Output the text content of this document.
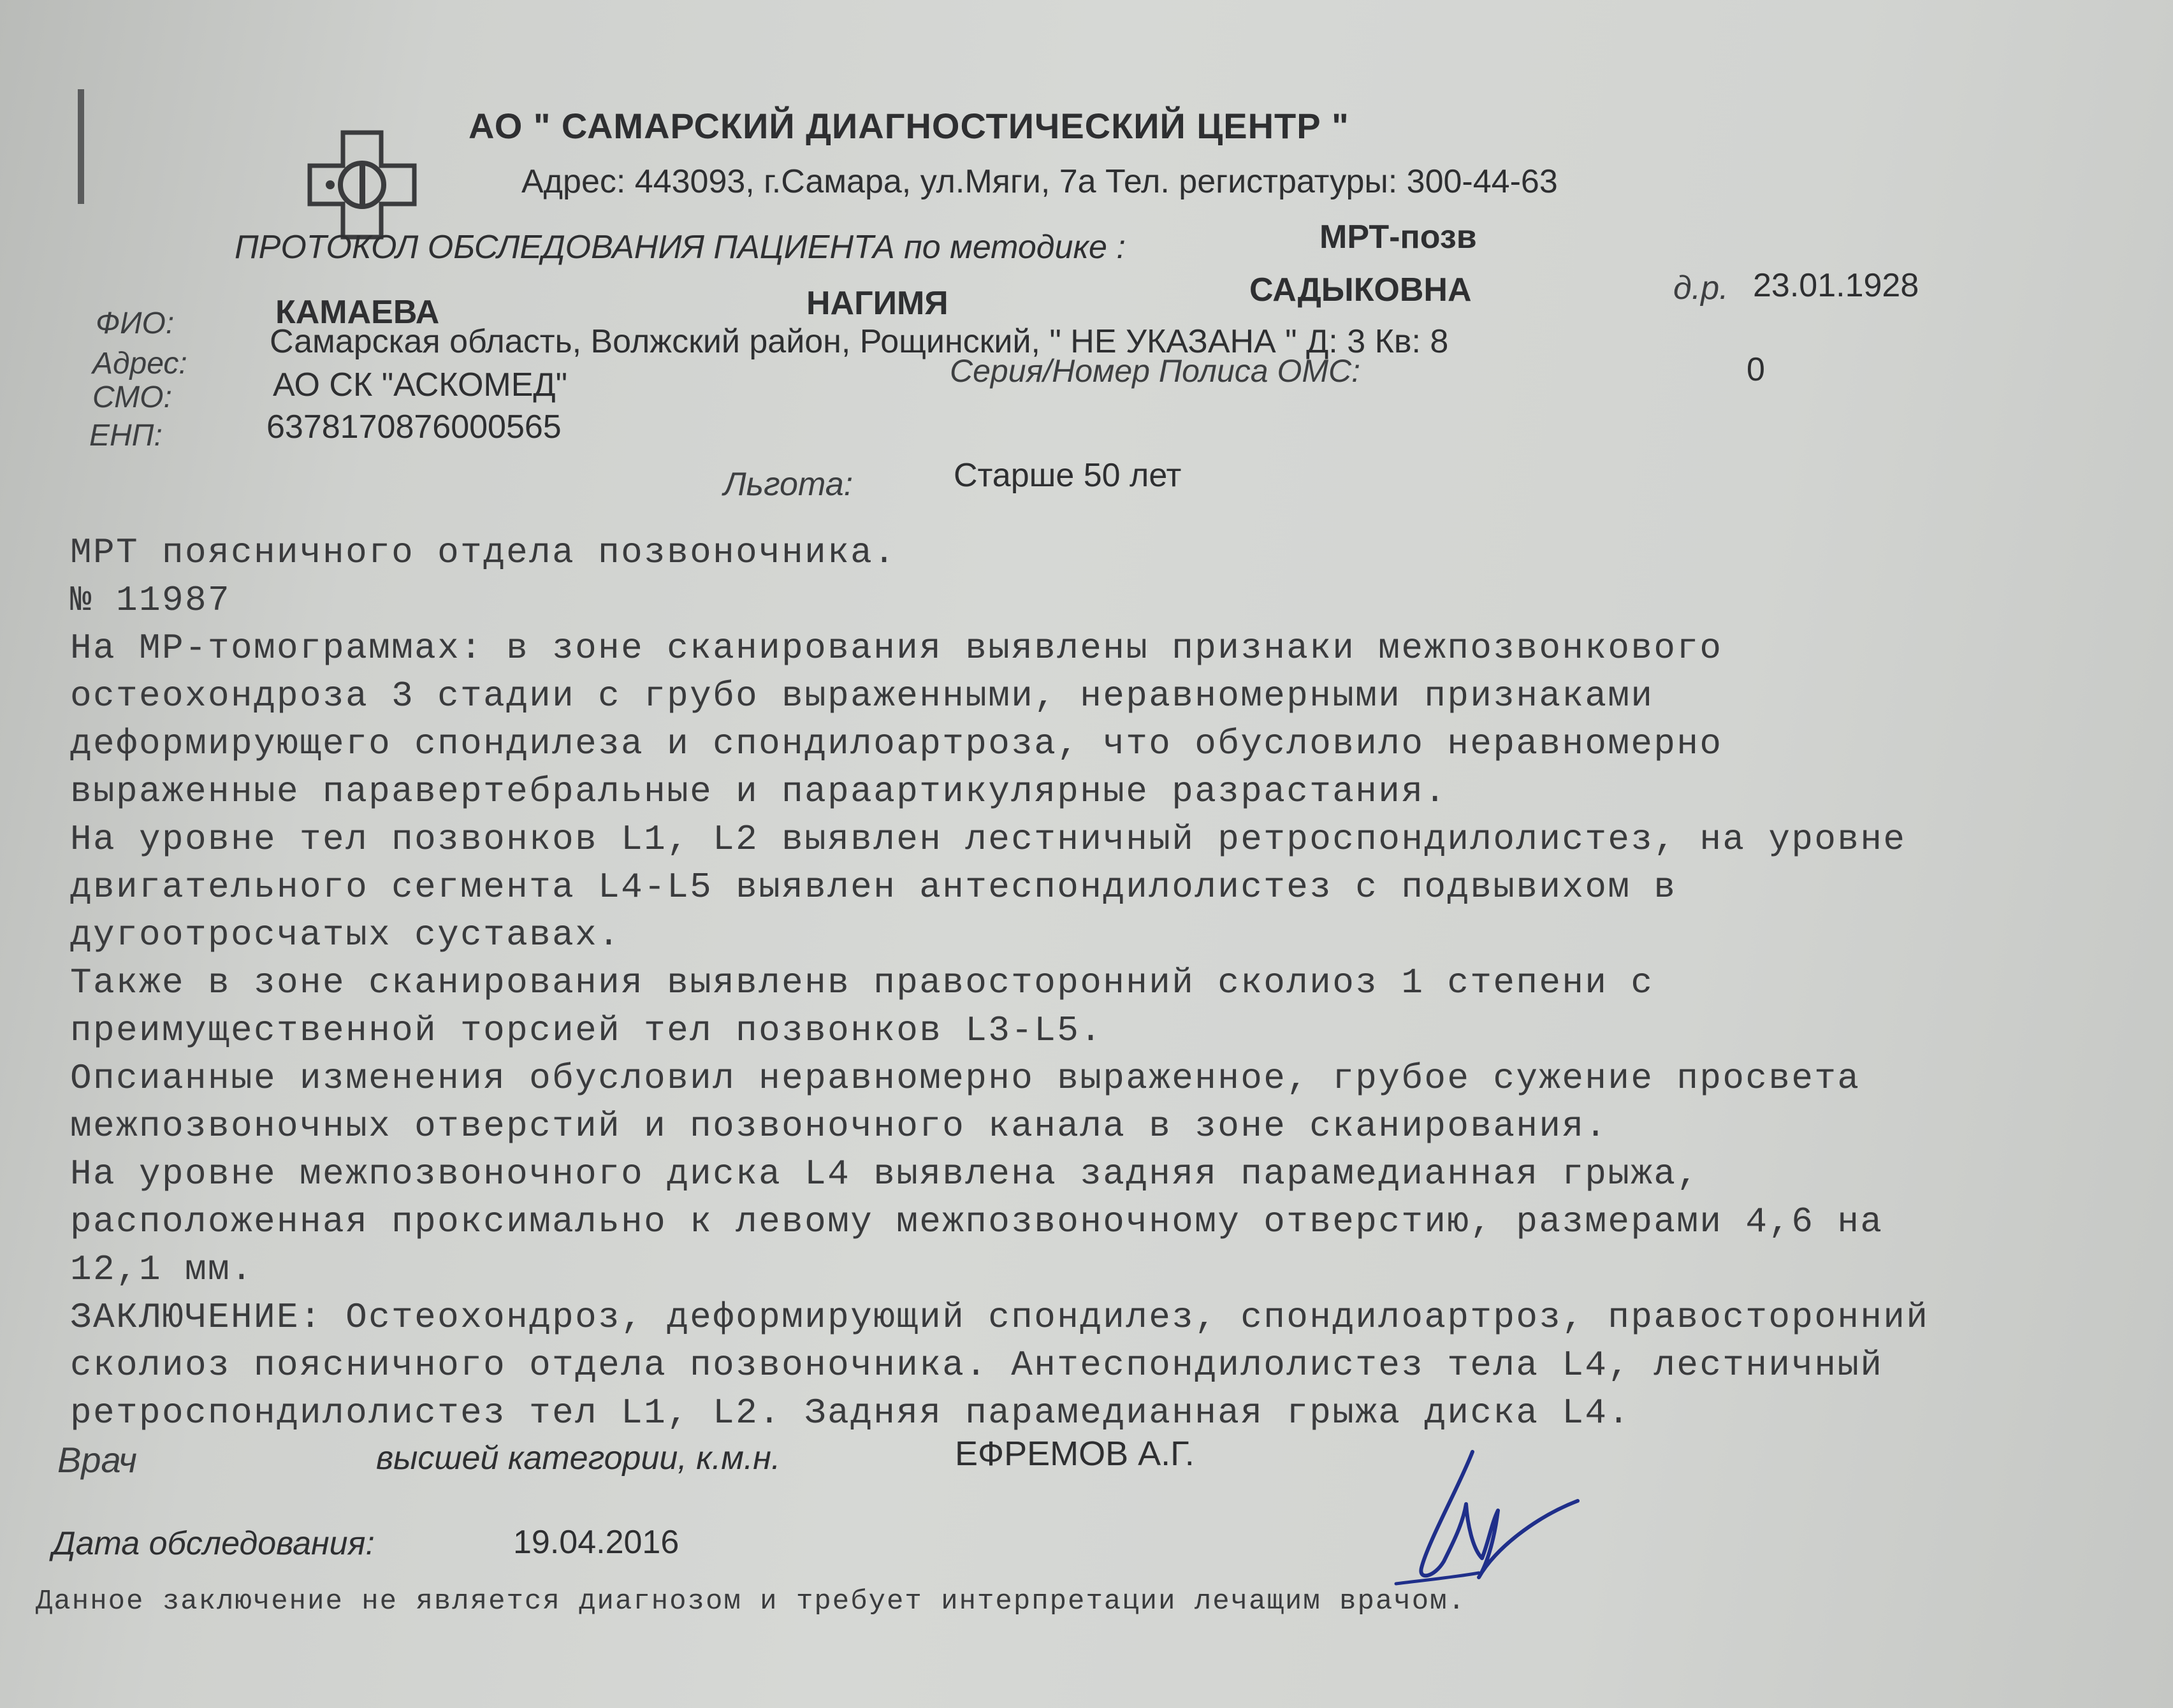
АО " САМАРСКИЙ ДИАГНОСТИЧЕСКИЙ ЦЕНТР "
Адрес: 443093, г.Самара, ул.Мяги, 7а Тел. регистратуры: 300-44-63
ПРОТОКОЛ ОБСЛЕДОВАНИЯ ПАЦИЕНТА по методике :	МРТ-позв
ФИО:	КАМАЕВА	НАГИМЯ	САДЫКОВНА	д.р. 23.01.1928
Адрес:
Самарская область, Волжский район, Рощинский, " НЕ УКАЗАНА " Д: 3 Кв: 8
СМО:	АО СК "АСКОМЕД"	Серия/Номер Полиса ОМС:	0
ЕНП:	6378170876000565
Льгота:	Старше 50 лет
МРТ поясничного отдела позвоночника.
№ 11987
На МР-томограммах: в зоне сканирования выявлены признаки межпозвонкового
остеохондроза 3 стадии с грубо выраженными, неравномерными признаками
деформирующего спондилеза и спондилоартроза, что обусловило неравномерно
выраженные паравертебральные и параартикулярные разрастания.
На уровне тел позвонков L1, L2 выявлен лестничный ретроспондилолистез, на уровне
двигательного сегмента L4-L5 выявлен антеспондилолистез с подвывихом в
дугоотросчатых суставах.
Также в зоне сканирования выявленв правосторонний сколиоз 1 степени с
преимущественной торсией тел позвонков L3-L5.
Опсианные изменения обусловил неравномерно выраженное, грубое сужение просвета
межпозвоночных отверстий и позвоночного канала в зоне сканирования.
На уровне межпозвоночного диска L4 выявлена задняя парамедианная грыжа,
расположенная проксимально к левому межпозвоночному отверстию, размерами 4,6 на
12,1 мм.
ЗАКЛЮЧЕНИЕ: Остеохондроз, деформирующий спондилез, спондилоартроз, правосторонний
сколиоз поясничного отдела позвоночника. Антеспондилолистез тела L4, лестничный
ретроспондилолистез тел L1, L2. Задняя парамедианная грыжа диска L4.
Врач	высшей категории, к.м.н.	ЕФРЕМОВ А.Г.
Дата обследования:	19.04.2016
Данное заключение не является диагнозом и требует интерпретации лечащим врачом.
